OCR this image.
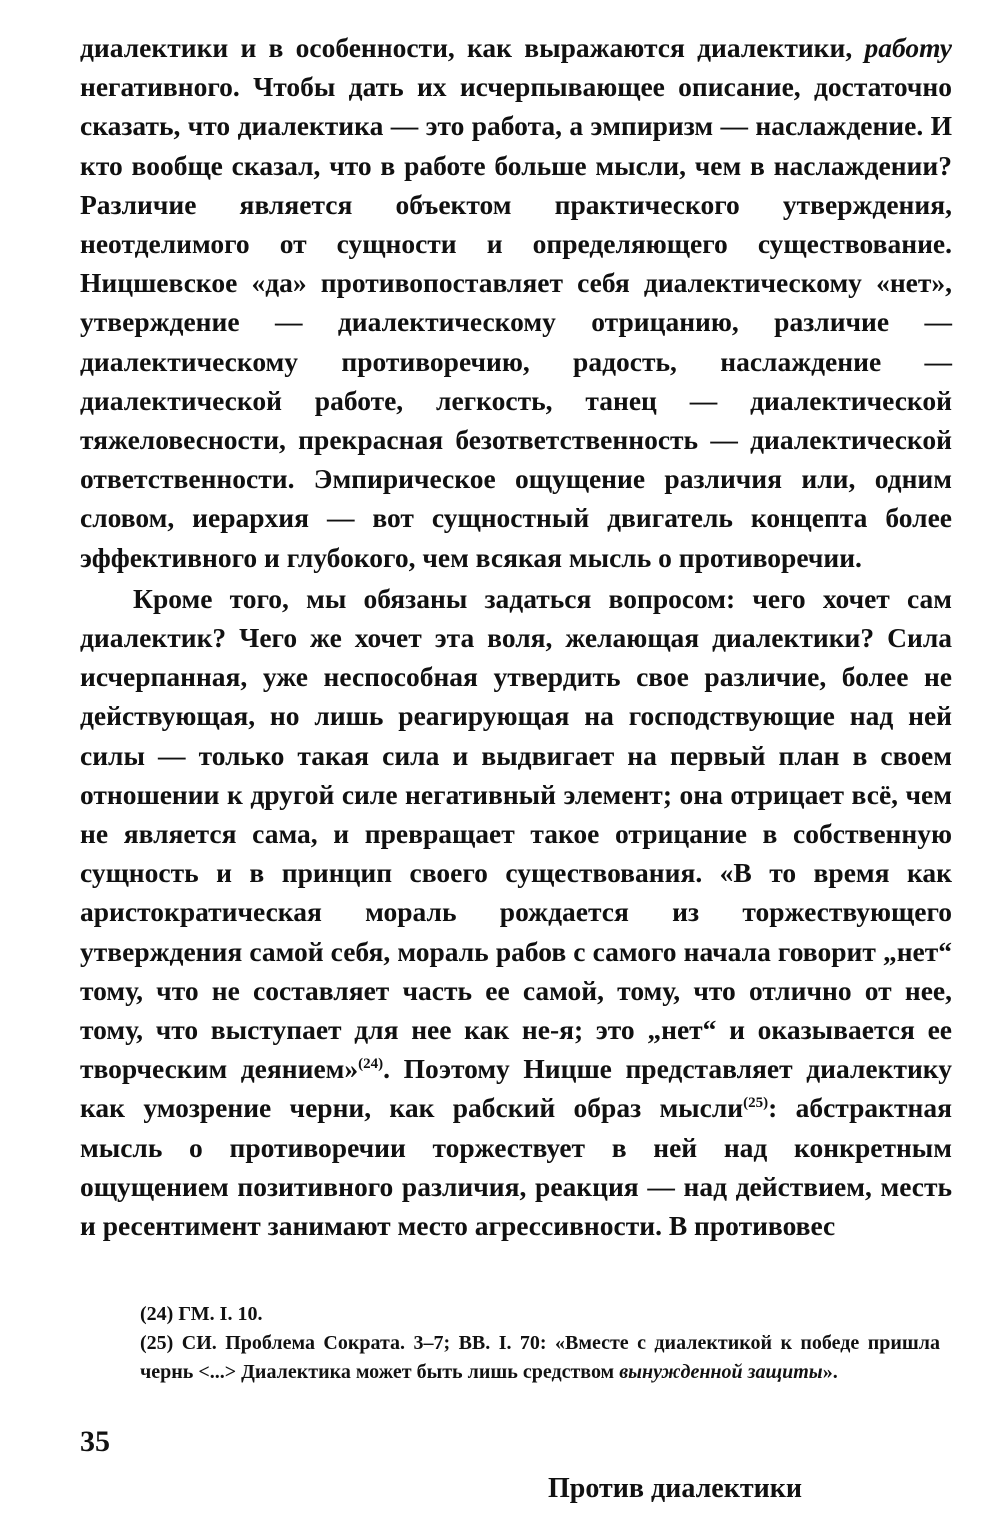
диалектики и в особенности, как выражаются диалектики, работу негативного. Чтобы дать их исчерпывающее описание, достаточно сказать, что диалектика — это работа, а эмпиризм — наслаждение. И кто вообще сказал, что в работе больше мысли, чем в наслаждении? Различие является объектом практического утверждения, неотделимого от сущности и определяющего существование. Ницшевское «да» противопоставляет себя диалектическому «нет», утверждение — диалектическому отрицанию, различие — диалектическому противоречию, радость, наслаждение — диалектической работе, легкость, танец — диалектической тяжеловесности, прекрасная безответственность — диалектической ответственности. Эмпирическое ощущение различия или, одним словом, иерархия — вот сущностный двигатель концепта более эффективного и глубокого, чем всякая мысль о противоречии.

Кроме того, мы обязаны задаться вопросом: чего хочет сам диалектик? Чего же хочет эта воля, желающая диалектики? Сила исчерпанная, уже неспособная утвердить свое различие, более не действующая, но лишь реагирующая на господствующие над ней силы — только такая сила и выдвигает на первый план в своем отношении к другой силе негативный элемент; она отрицает всё, чем не является сама, и превращает такое отрицание в собственную сущность и в принцип своего существования. «В то время как аристократическая мораль рождается из торжествующего утверждения самой себя, мораль рабов с самого начала говорит „нет“ тому, что не составляет часть ее самой, тому, что отлично от нее, тому, что выступает для нее как не-я; это „нет“ и оказывается ее творческим деянием»$^{(24)}$. Поэтому Ницше представляет диалектику как умозрение черни, как рабский образ мысли$^{(25)}$: абстрактная мысль о противоречии торжествует в ней над конкретным ощущением позитивного различия, реакция — над действием, месть и ресентимент занимают место агрессивности. В противовес

(24) ГМ. I. 10.

(25) СИ. Проблема Сократа. 3–7; ВВ. I. 70: «Вместе с диалектикой к победе пришла чернь <...> Диалектика может быть лишь средством вынужденной защиты».

35
Против диалектики
